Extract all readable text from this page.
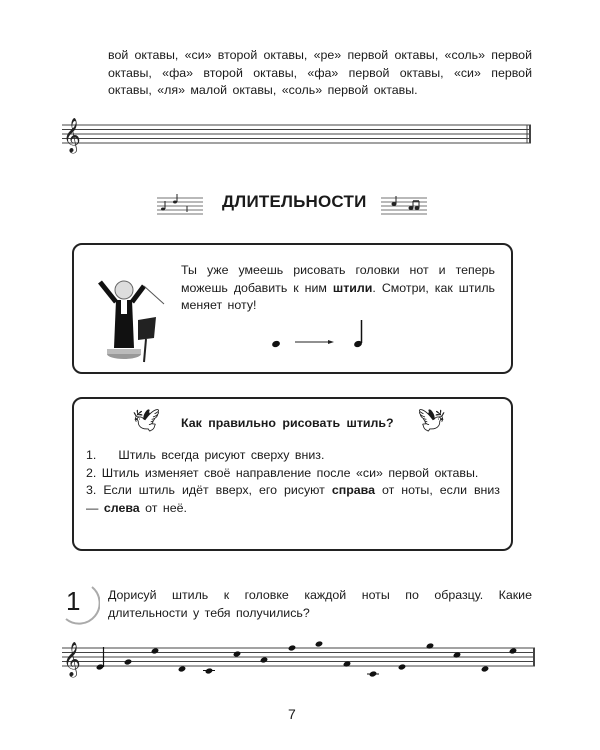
вой октавы, «си» второй октавы, «ре» первой октавы, «соль» первой октавы, «фа» второй октавы, «фа» первой октавы, «си» первой октавы, «ля» малой октавы, «соль» первой октавы.
𝄞
ДЛИТЕЛЬНОСТИ
Ты уже умеешь рисовать головки нот и теперь можешь добавить к ним штили. Смотри, как штиль меняет ноту!
🕊 Как правильно рисовать штиль? 🕊
1. Штиль всегда рисуют сверху вниз.
2. Штиль изменяет своё направление после «си» первой октавы.
3. Если штиль идёт вверх, его рисуют справа от ноты, если вниз — слева от неё.
1 Дорисуй штиль к головке каждой ноты по образцу. Какие длительности у тебя получились?
𝄞
7
